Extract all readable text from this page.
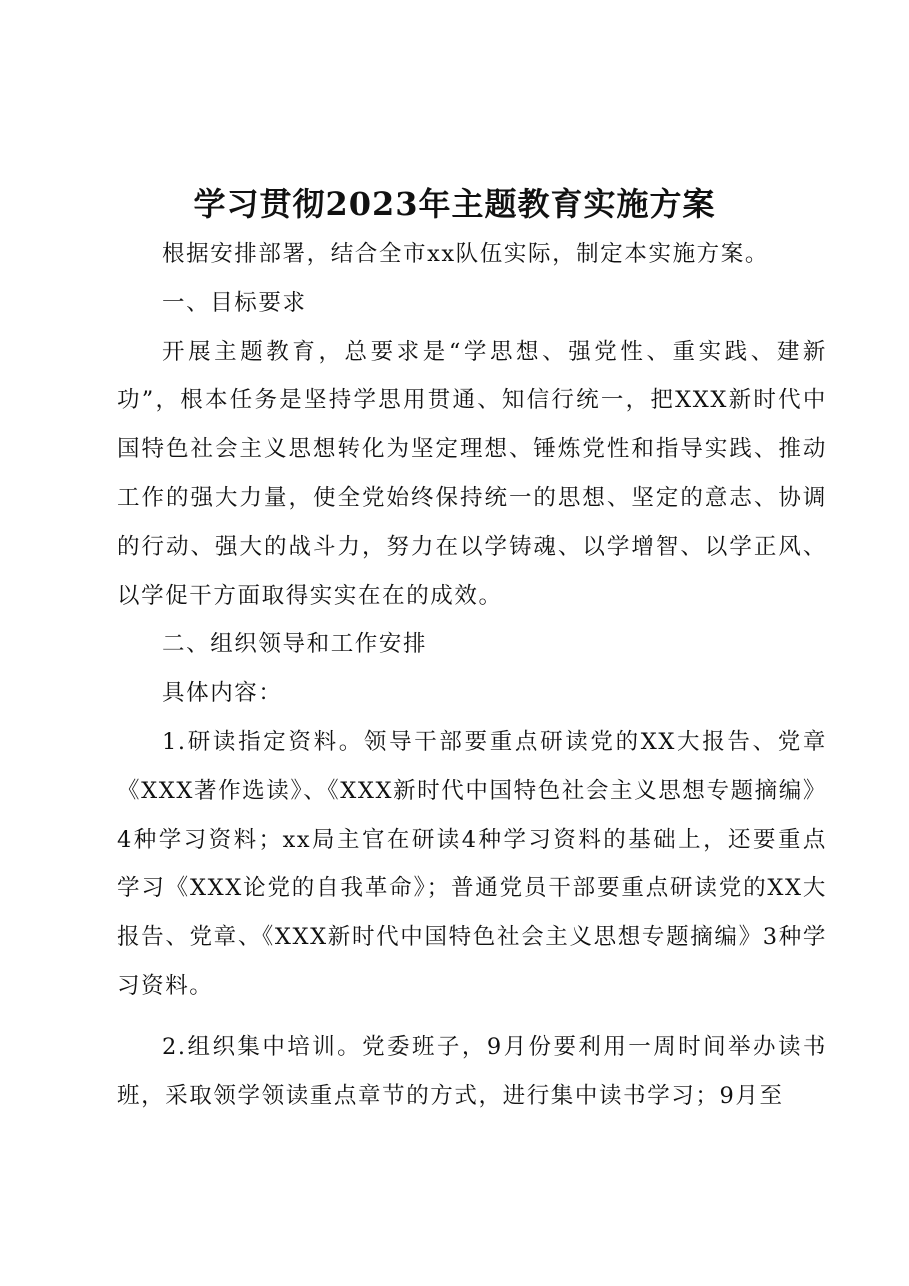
学习贯彻2023年主题教育实施方案

根据安排部署，结合全市xx队伍实际，制定本实施方案。

一、目标要求

开展主题教育，总要求是“学思想、强党性、重实践、建新功”，根本任务是坚持学思用贯通、知信行统一，把XXX新时代中国特色社会主义思想转化为坚定理想、锤炼党性和指导实践、推动工作的强大力量，使全党始终保持统一的思想、坚定的意志、协调的行动、强大的战斗力，努力在以学铸魂、以学增智、以学正风、以学促干方面取得实实在在的成效。

二、组织领导和工作安排

具体内容：

1.研读指定资料。领导干部要重点研读党的XX大报告、党章《XXX著作选读》、《XXX新时代中国特色社会主义思想专题摘编》4种学习资料；xx局主官在研读4种学习资料的基础上，还要重点学习《XXX论党的自我革命》；普通党员干部要重点研读党的XX大报告、党章、《XXX新时代中国特色社会主义思想专题摘编》3种学习资料。

2.组织集中培训。党委班子，9月份要利用一周时间举办读书班，采取领学领读重点章节的方式，进行集中读书学习；9月至
